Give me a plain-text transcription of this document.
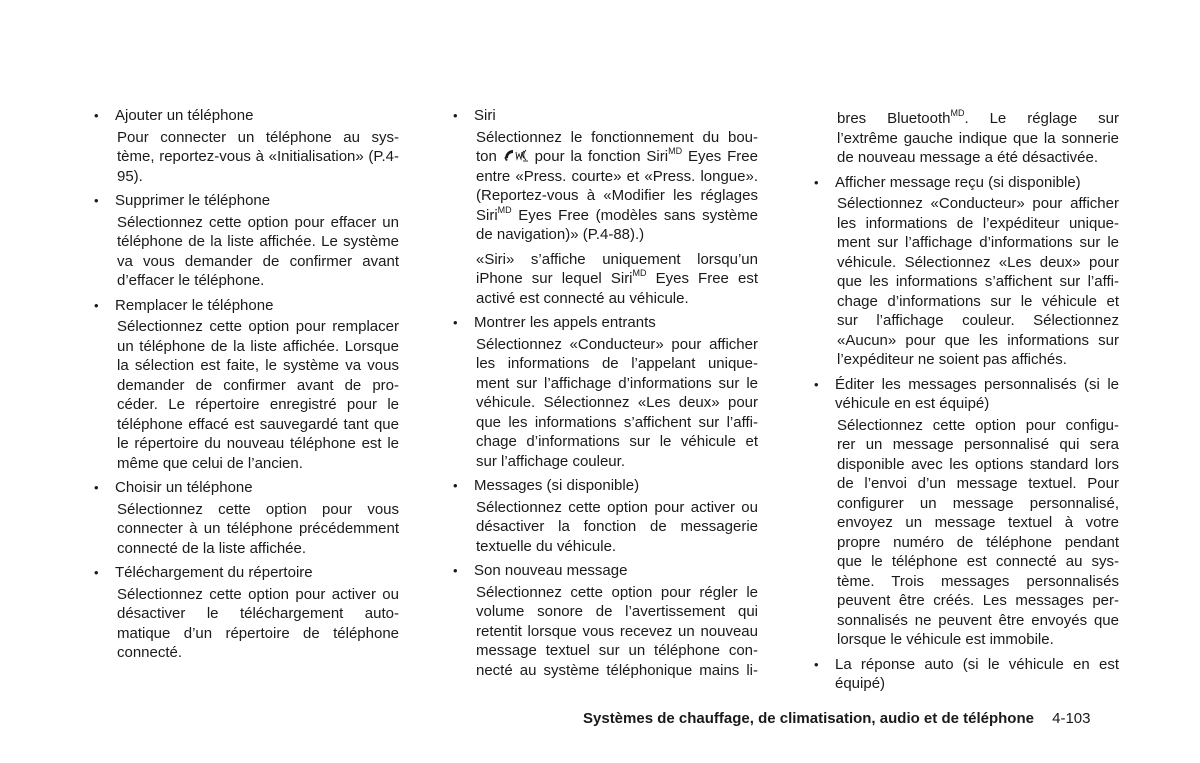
• Ajouter un téléphone
Pour connecter un téléphone au sys-
tème, reportez-vous à «Initialisation» (P.4-
95).
• Supprimer le téléphone
Sélectionnez cette option pour effacer un
téléphone de la liste affichée. Le système
va vous demander de confirmer avant
d’effacer le téléphone.
• Remplacer le téléphone
Sélectionnez cette option pour remplacer
un téléphone de la liste affichée. Lorsque
la sélection est faite, le système va vous
demander de confirmer avant de pro-
céder. Le répertoire enregistré pour le
téléphone effacé est sauvegardé tant que
le répertoire du nouveau téléphone est le
même que celui de l’ancien.
• Choisir un téléphone
Sélectionnez cette option pour vous
connecter à un téléphone précédemment
connecté de la liste affichée.
• Téléchargement du répertoire
Sélectionnez cette option pour activer ou
désactiver le téléchargement auto-
matique d’un répertoire de téléphone
connecté.
• Siri
Sélectionnez le fonctionnement du bou-
ton  pour la fonction Siri$^{MD}$ Eyes Free
entre «Press. courte» et «Press. longue».
(Reportez-vous à «Modifier les réglages
Siri$^{MD}$ Eyes Free (modèles sans système
de navigation)» (P.4-88).)
«Siri» s’affiche uniquement lorsqu’un
iPhone sur lequel Siri$^{MD}$ Eyes Free est
activé est connecté au véhicule.
• Montrer les appels entrants
Sélectionnez «Conducteur» pour afficher
les informations de l’appelant unique-
ment sur l’affichage d’informations sur le
véhicule. Sélectionnez «Les deux» pour
que les informations s’affichent sur l’affi-
chage d’informations sur le véhicule et
sur l’affichage couleur.
• Messages (si disponible)
Sélectionnez cette option pour activer ou
désactiver la fonction de messagerie
textuelle du véhicule.
• Son nouveau message
Sélectionnez cette option pour régler le
volume sonore de l’avertissement qui
retentit lorsque vous recevez un nouveau
message textuel sur un téléphone con-
necté au système téléphonique mains li-
bres Bluetooth$^{MD}$. Le réglage sur
l’extrême gauche indique que la sonnerie
de nouveau message a été désactivée.
• Afficher message reçu (si disponible)
Sélectionnez «Conducteur» pour afficher
les informations de l’expéditeur unique-
ment sur l’affichage d’informations sur le
véhicule. Sélectionnez «Les deux» pour
que les informations s’affichent sur l’affi-
chage d’informations sur le véhicule et
sur l’affichage couleur. Sélectionnez
«Aucun» pour que les informations sur
l’expéditeur ne soient pas affichés.
• Éditer les messages personnalisés (si le
véhicule en est équipé)
Sélectionnez cette option pour configu-
rer un message personnalisé qui sera
disponible avec les options standard lors
de l’envoi d’un message textuel. Pour
configurer un message personnalisé,
envoyez un message textuel à votre
propre numéro de téléphone pendant
que le téléphone est connecté au sys-
tème. Trois messages personnalisés
peuvent être créés. Les messages per-
sonnalisés ne peuvent être envoyés que
lorsque le véhicule est immobile.
• La réponse auto (si le véhicule en est
équipé)
Systèmes de chauffage, de climatisation, audio et de téléphone 4-103
